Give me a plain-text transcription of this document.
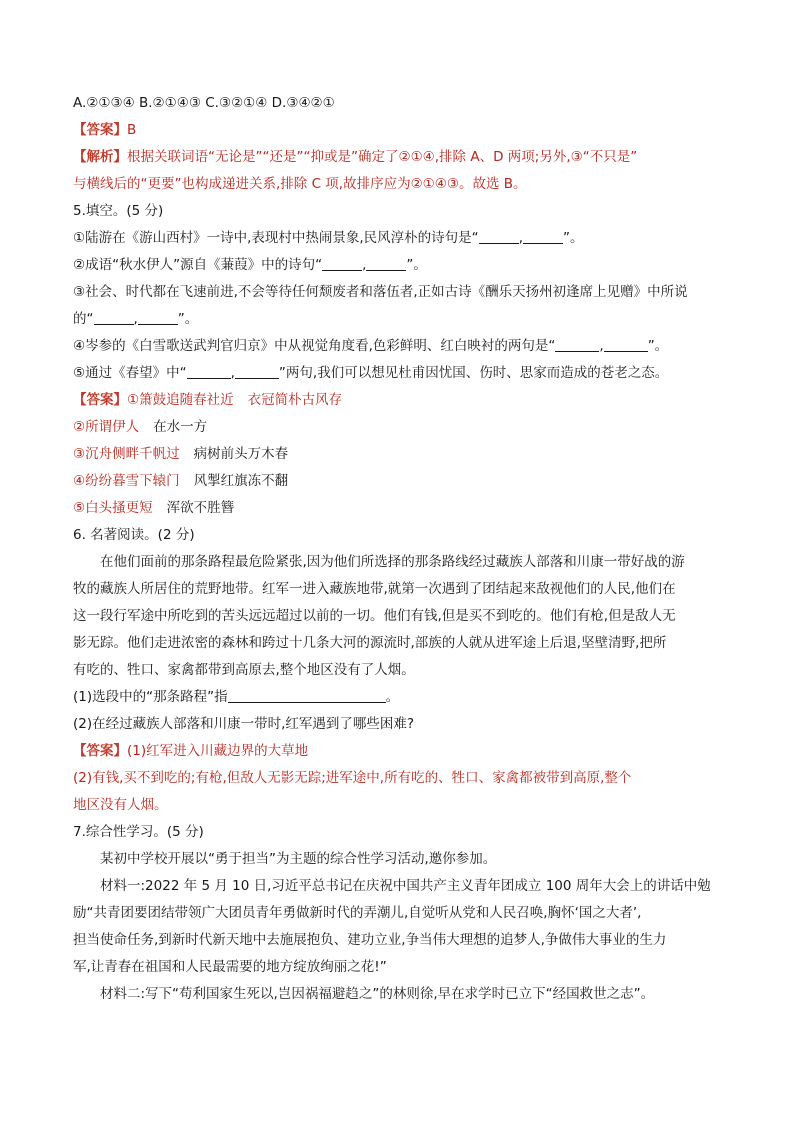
A.②①③④ B.②①④③ C.③②①④ D.③④②①
【答案】B
【解析】根据关联词语“无论是”“还是”“抑或是”确定了②①④,排除 A、D 两项;另外,③“不只是”
与横线后的“更要”也构成递进关系,排除 C 项,故排序应为②①④③。故选 B。
5.填空。(5 分)
①陆游在《游山西村》一诗中,表现村中热闹景象,民风淳朴的诗句是“	,	”。
②成语“秋水伊人”源自《蒹葭》中的诗句“	,	”。
③社会、时代都在飞速前进,不会等待任何颓废者和落伍者,正如古诗《酬乐天扬州初逢席上见赠》中所说
的“	,	”。
④岑参的《白雪歌送武判官归京》中从视觉角度看,色彩鲜明、红白映衬的两句是“	,	”。
⑤通过《春望》中“	,	”两句,我们可以想见杜甫因忧国、伤时、思家而造成的苍老之态。
【答案】①箫鼓追随春社近 衣冠简朴古风存
②所谓伊人 在水一方
③沉舟侧畔千帆过 病树前头万木春
④纷纷暮雪下辕门 风掣红旗冻不翻
⑤白头搔更短 浑欲不胜簪
6. 名著阅读。(2 分)
在他们面前的那条路程最危险紧张,因为他们所选择的那条路线经过藏族人部落和川康一带好战的游
牧的藏族人所居住的荒野地带。红军一进入藏族地带,就第一次遇到了团结起来敌视他们的人民,他们在
这一段行军途中所吃到的苦头远远超过以前的一切。他们有钱,但是买不到吃的。他们有枪,但是敌人无
影无踪。他们走进浓密的森林和跨过十几条大河的源流时,部族的人就从进军途上后退,坚壁清野,把所
有吃的、牲口、家禽都带到高原去,整个地区没有了人烟。
(1)选段中的“那条路程”指	。
(2)在经过藏族人部落和川康一带时,红军遇到了哪些困难?
【答案】(1)红军进入川藏边界的大草地
(2)有钱,买不到吃的;有枪,但敌人无影无踪;进军途中,所有吃的、牲口、家禽都被带到高原,整个
地区没有人烟。
7.综合性学习。(5 分)
某初中学校开展以“勇于担当”为主题的综合性学习活动,邀你参加。
材料一:2022 年 5 月 10 日,习近平总书记在庆祝中国共产主义青年团成立 100 周年大会上的讲话中勉
励“共青团要团结带领广大团员青年勇做新时代的弄潮儿,自觉听从党和人民召唤,胸怀‘国之大者’,
担当使命任务,到新时代新天地中去施展抱负、建功立业,争当伟大理想的追梦人,争做伟大事业的生力
军,让青春在祖国和人民最需要的地方绽放绚丽之花!”
材料二:写下“苟利国家生死以,岂因祸福避趋之”的林则徐,早在求学时已立下“经国救世之志”。
